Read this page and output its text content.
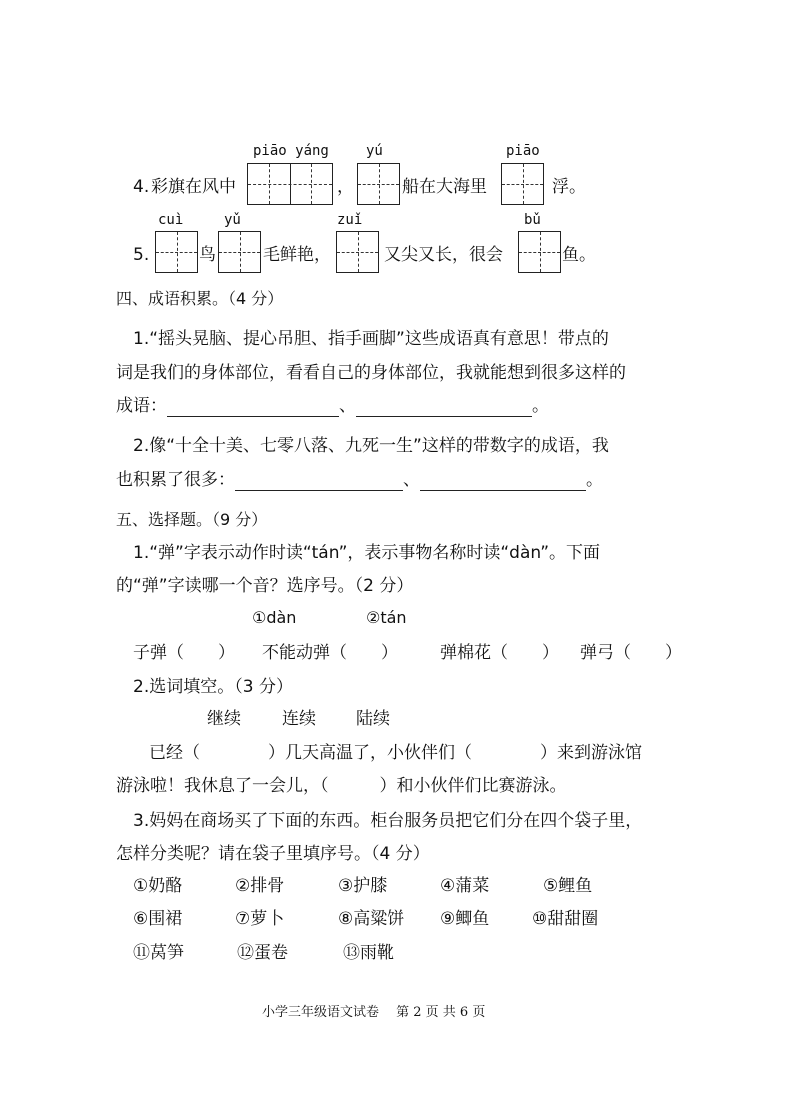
piāo yáng	yú	piāo
4. 彩旗在风中	，	船在大海里	浮。
cuì	yǔ	zuǐ	bǔ
5.	鸟	毛鲜艳，	又尖又长，很会	鱼。
四、成语积累。（4 分）
1.“摇头晃脑、提心吊胆、指手画脚”这些成语真有意思！带点的
词是我们的身体部位，看看自己的身体部位，我就能想到很多这样的
成语：	、	。
2.像“十全十美、七零八落、九死一生”这样的带数字的成语，我
也积累了很多：	、	。
五、选择题。（9 分）
1.“弹”字表示动作时读“tán”，表示事物名称时读“dàn”。下面
的“弹”字读哪一个音？选序号。（2 分）
①dàn	②tán
子弹（　　） 不能动弹（　　） 弹棉花（　　） 弹弓（　　）
2.选词填空。（3 分）
继续 连续 陆续
已经（　　　　）几天高温了，小伙伴们（　　　　）来到游泳馆
游泳啦！我休息了一会儿，（　　　）和小伙伴们比赛游泳。
3.妈妈在商场买了下面的东西。柜台服务员把它们分在四个袋子里，
怎样分类呢？请在袋子里填序号。（4 分）
①奶酪	②排骨	③护膝	④蒲菜	⑤鲤鱼
⑥围裙	⑦萝卜	⑧高粱饼 ⑨鲫鱼	⑩甜甜圈
⑪莴笋	⑫蛋卷	⑬雨靴
小学三年级语文试卷　 第 2 页 共 6 页
